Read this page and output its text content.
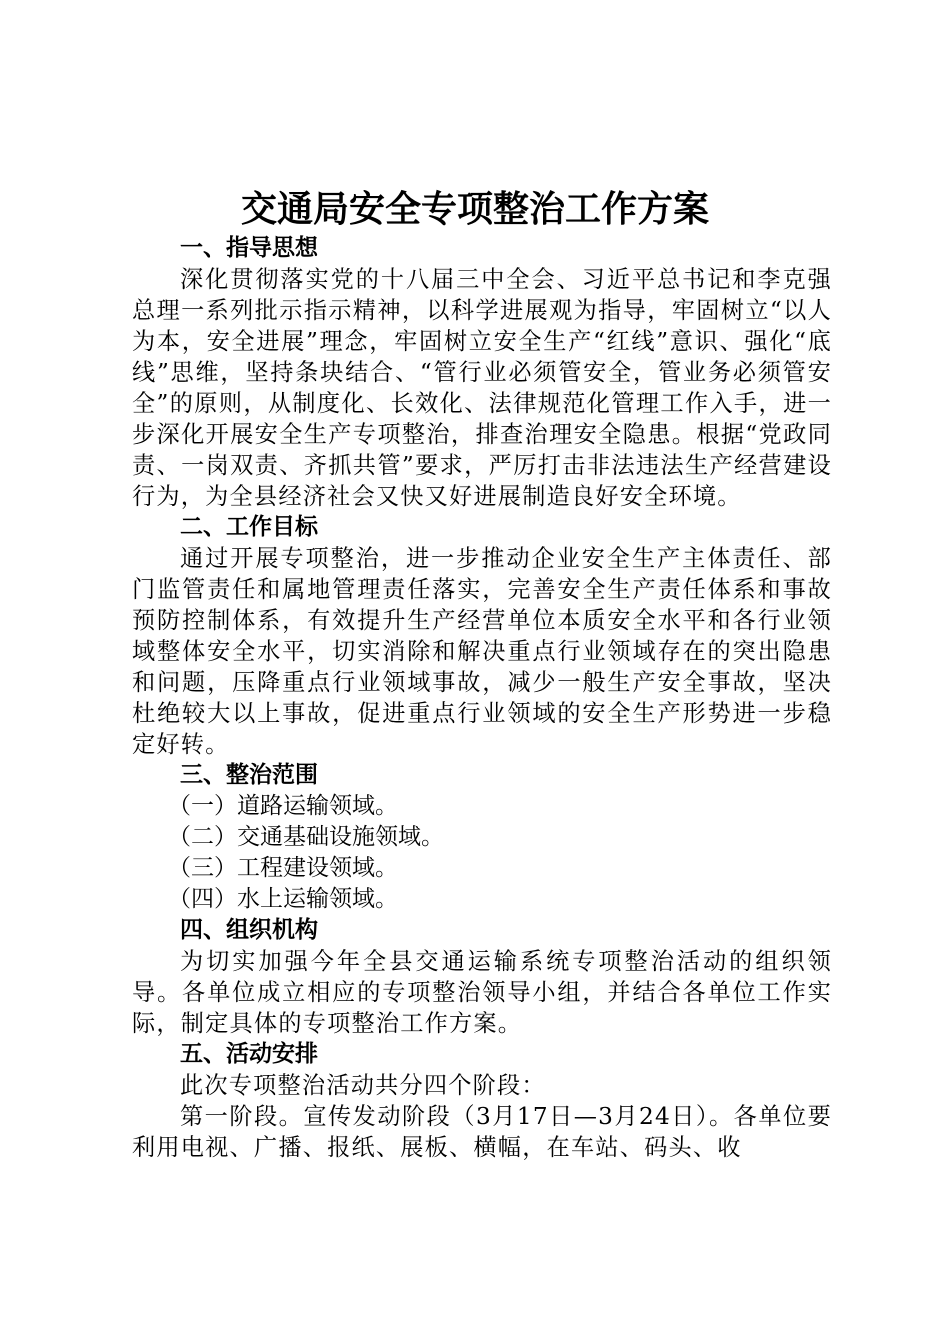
交通局安全专项整治工作方案
一、指导思想

深化贯彻落实党的十八届三中全会、习近平总书记和李克强总理一系列批示指示精神，以科学进展观为指导，牢固树立“以人为本，安全进展”理念，牢固树立安全生产“红线”意识、强化“底线”思维，坚持条块结合、“管行业必须管安全，管业务必须管安全”的原则，从制度化、长效化、法律规范化管理工作入手，进一步深化开展安全生产专项整治，排查治理安全隐患。根据“党政同责、一岗双责、齐抓共管”要求，严厉打击非法违法生产经营建设行为，为全县经济社会又快又好进展制造良好安全环境。

二、工作目标

通过开展专项整治，进一步推动企业安全生产主体责任、部门监管责任和属地管理责任落实，完善安全生产责任体系和事故预防控制体系，有效提升生产经营单位本质安全水平和各行业领域整体安全水平，切实消除和解决重点行业领域存在的突出隐患和问题，压降重点行业领域事故，减少一般生产安全事故，坚决杜绝较大以上事故，促进重点行业领域的安全生产形势进一步稳定好转。

三、整治范围
（一）道路运输领域。
（二）交通基础设施领域。
（三）工程建设领域。
（四）水上运输领域。
四、组织机构

为切实加强今年全县交通运输系统专项整治活动的组织领导。各单位成立相应的专项整治领导小组，并结合各单位工作实际，制定具体的专项整治工作方案。

五、活动安排

此次专项整治活动共分四个阶段：

第一阶段。宣传发动阶段（3月17日—3月24日）。各单位要利用电视、广播、报纸、展板、横幅，在车站、码头、收
